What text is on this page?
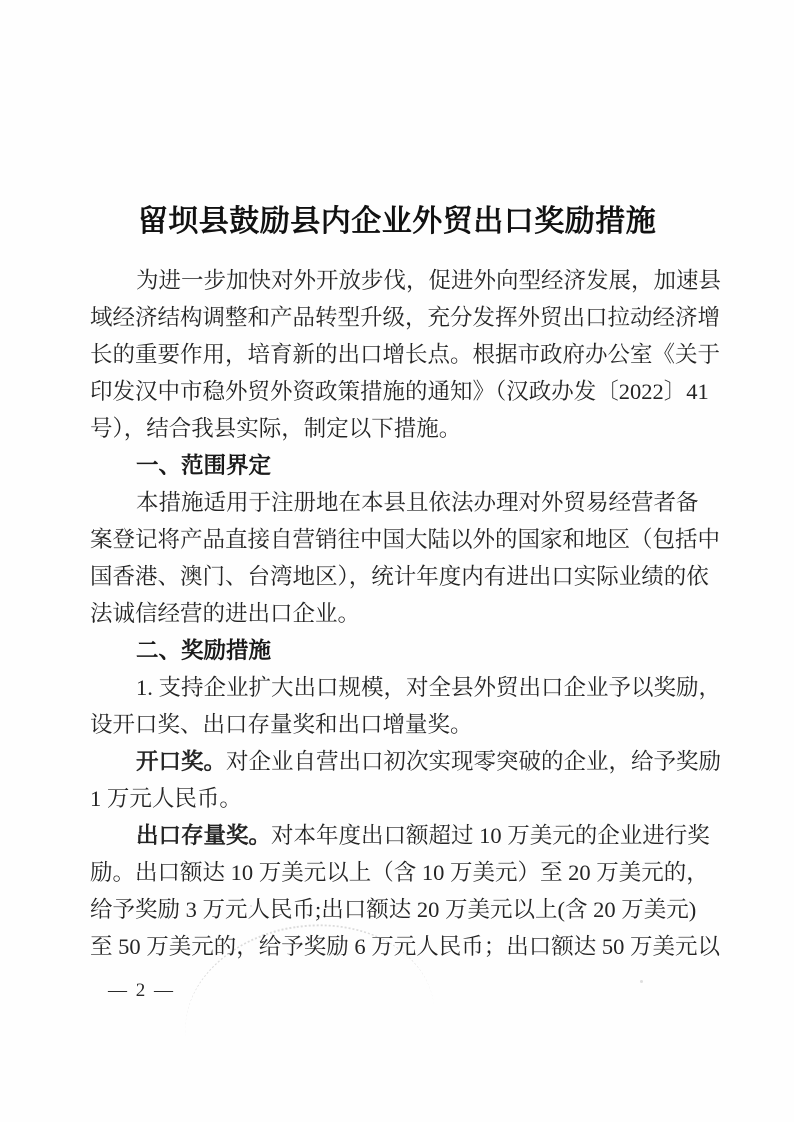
留坝县鼓励县内企业外贸出口奖励措施
为进一步加快对外开放步伐，促进外向型经济发展，加速县
域经济结构调整和产品转型升级，充分发挥外贸出口拉动经济增
长的重要作用，培育新的出口增长点。根据市政府办公室《关于
印发汉中市稳外贸外资政策措施的通知》（汉政办发〔2022〕41
号），结合我县实际，制定以下措施。
一、范围界定
本措施适用于注册地在本县且依法办理对外贸易经营者备
案登记将产品直接自营销往中国大陆以外的国家和地区（包括中
国香港、澳门、台湾地区），统计年度内有进出口实际业绩的依
法诚信经营的进出口企业。
二、奖励措施
1. 支持企业扩大出口规模，对全县外贸出口企业予以奖励，
设开口奖、出口存量奖和出口增量奖。
开口奖。对企业自营出口初次实现零突破的企业，给予奖励
1 万元人民币。
出口存量奖。对本年度出口额超过 10 万美元的企业进行奖
励。出口额达 10 万美元以上（含 10 万美元）至 20 万美元的，
给予奖励 3 万元人民币;出口额达 20 万美元以上(含 20 万美元)
至 50 万美元的，给予奖励 6 万元人民币；出口额达 50 万美元以
— 2 —
